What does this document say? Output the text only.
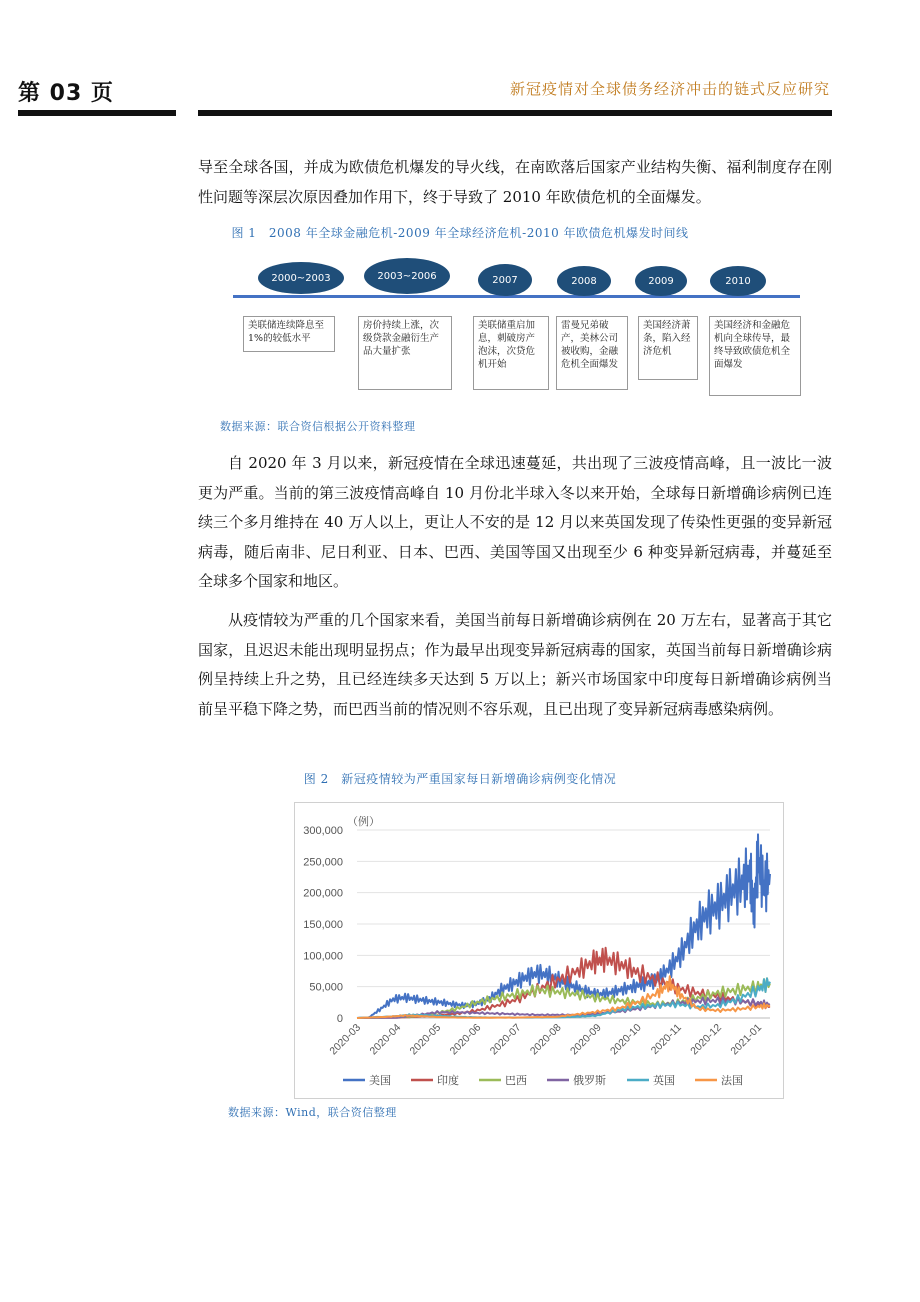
第 03 页	新冠疫情对全球债务经济冲击的链式反应研究

导至全球各国，并成为欧债危机爆发的导火线，在南欧落后国家产业结构失衡、福利制度存在刚性问题等深层次原因叠加作用下，终于导致了 2010 年欧债危机的全面爆发。

图 1　2008 年全球金融危机-2009 年全球经济危机-2010 年欧债危机爆发时间线
2000~2003	2003~2006	2007	2008	2009	2010
美联储连续降息至1%的较低水平
房价持续上涨，次级贷款金融衍生产品大量扩张
美联储重启加息，刺破房产泡沫，次贷危机开始
雷曼兄弟破产，美林公司被收购，金融危机全面爆发
美国经济萧条，陷入经济危机
美国经济和金融危机向全球传导，最终导致欧债危机全面爆发
数据来源：联合资信根据公开资料整理

自 2020 年 3 月以来，新冠疫情在全球迅速蔓延，共出现了三波疫情高峰，且一波比一波更为严重。当前的第三波疫情高峰自 10 月份北半球入冬以来开始，全球每日新增确诊病例已连续三个多月维持在 40 万人以上，更让人不安的是 12 月以来英国发现了传染性更强的变异新冠病毒，随后南非、尼日利亚、日本、巴西、美国等国又出现至少 6 种变异新冠病毒，并蔓延至全球多个国家和地区。

从疫情较为严重的几个国家来看，美国当前每日新增确诊病例在 20 万左右，显著高于其它国家，且迟迟未能出现明显拐点；作为最早出现变异新冠病毒的国家，英国当前每日新增确诊病例呈持续上升之势，且已经连续多天达到 5 万以上；新兴市场国家中印度每日新增确诊病例当前呈平稳下降之势，而巴西当前的情况则不容乐观，且已出现了变异新冠病毒感染病例。

图 2　新冠疫情较为严重国家每日新增确诊病例变化情况
0
50,000
100,000
150,000
200,000
250,000
300,000
（例）
2020-03 2020-04 2020-05 2020-06 2020-07 2020-08 2020-09 2020-10 2020-11 2020-12 2021-01
美国	印度	巴西	俄罗斯	英国	法国
数据来源：Wind，联合资信整理
